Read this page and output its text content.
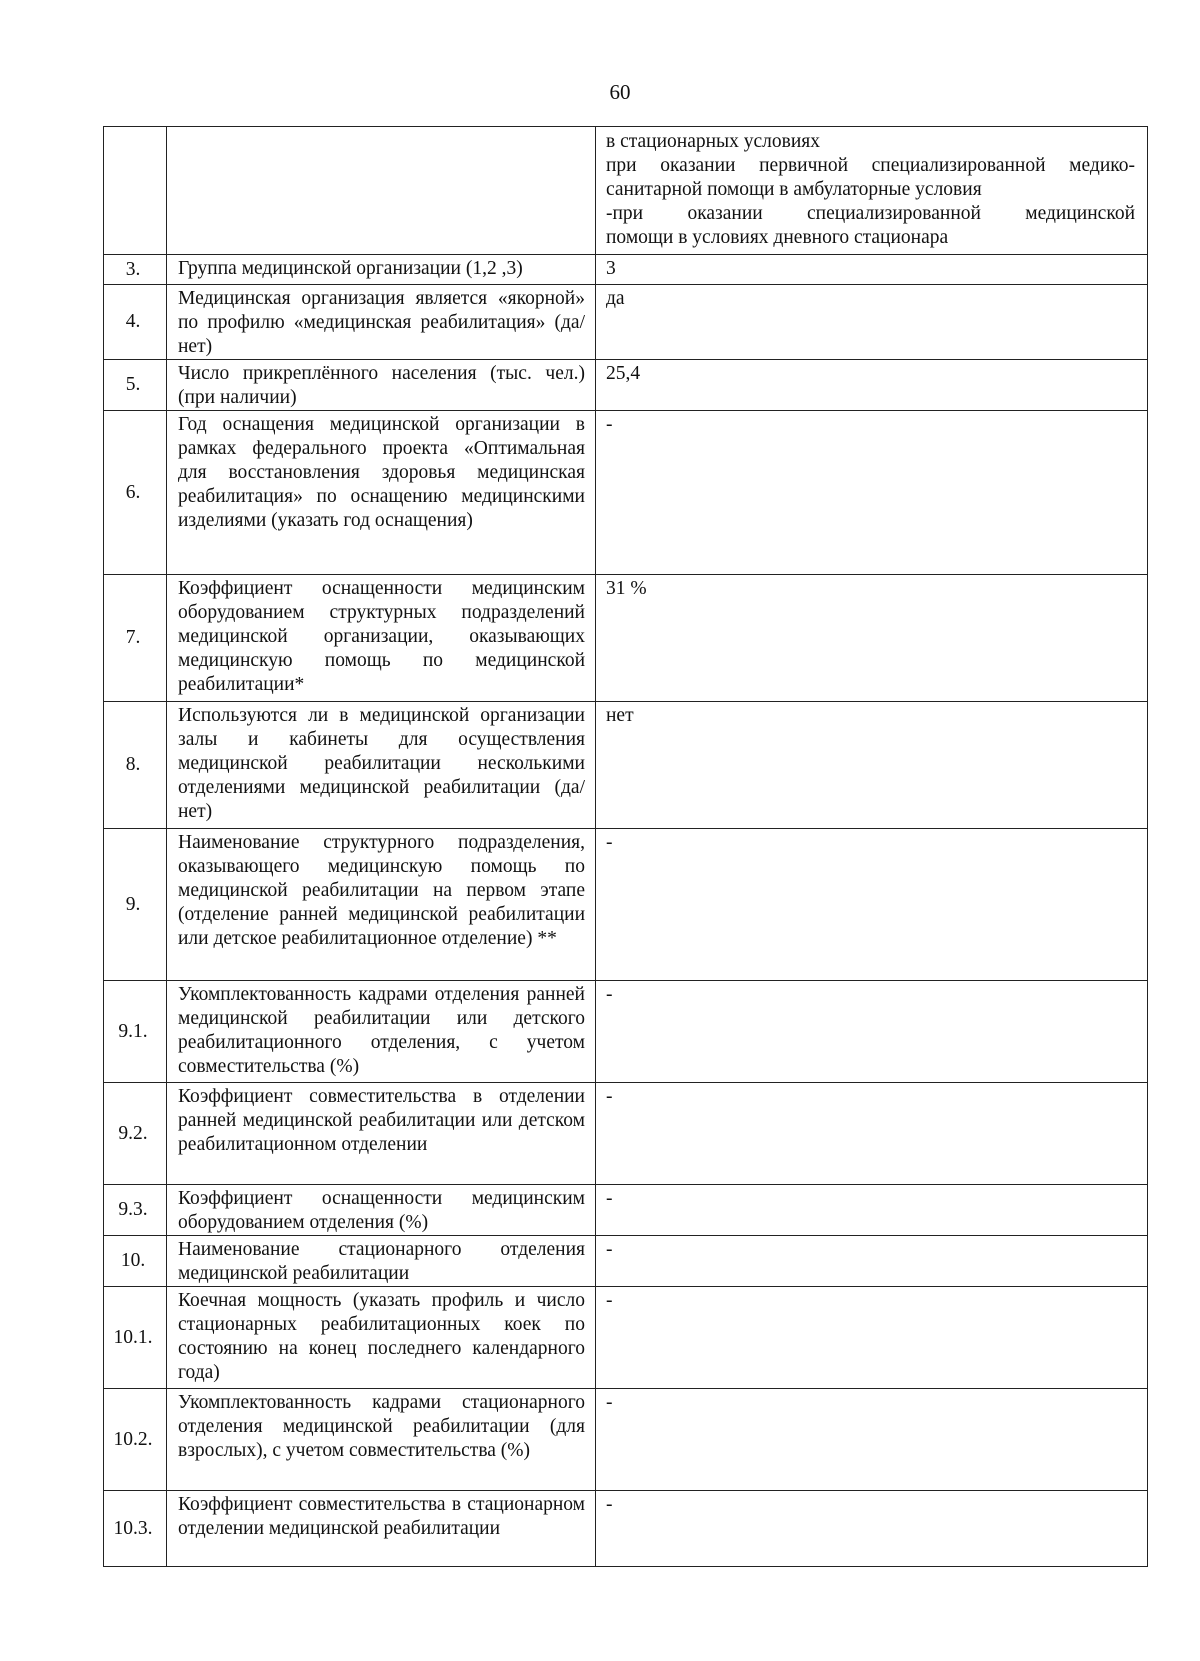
60

		в стационарных условиях
при оказании первичной специализированной медико-
санитарной помощи в амбулаторные условия
-при оказании специализированной медицинской
помощи в условиях дневного стационара

3.	Группа медицинской организации (1,2 ,3)	3

4.	Медицинская организация является «якорной» по профилю «медицинская реабилитация» (да/нет)	да

5.	Число прикреплённого населения (тыс. чел.) (при наличии)	25,4

6.	Год оснащения медицинской организации в рамках федерального проекта «Оптимальная для восстановления здоровья медицинская реабилитация» по оснащению медицинскими изделиями (указать год оснащения)	-

7.	Коэффициент оснащенности медицинским оборудованием структурных подразделений медицинской организации, оказывающих медицинскую помощь по медицинской реабилитации*	31 %

8.	Используются ли в медицинской организации залы и кабинеты для осуществления медицинской реабилитации несколькими отделениями медицинской реабилитации (да/нет)	нет

9.	Наименование структурного подразделения, оказывающего медицинскую помощь по медицинской реабилитации на первом этапе (отделение ранней медицинской реабилитации или детское реабилитационное отделение) **	-

9.1.	Укомплектованность кадрами отделения ранней медицинской реабилитации или детского реабилитационного отделения, с учетом совместительства (%)	-

9.2.	Коэффициент совместительства в отделении ранней медицинской реабилитации или детском реабилитационном отделении	-

9.3.	Коэффициент оснащенности медицинским оборудованием отделения (%)	-

10.	Наименование стационарного отделения медицинской реабилитации	-

10.1.	Коечная мощность (указать профиль и число стационарных реабилитационных коек по состоянию на конец последнего календарного года)	-

10.2.	Укомплектованность кадрами стационарного отделения медицинской реабилитации (для взрослых), с учетом совместительства (%)	-

10.3.	Коэффициент совместительства в стационарном отделении медицинской реабилитации	-
